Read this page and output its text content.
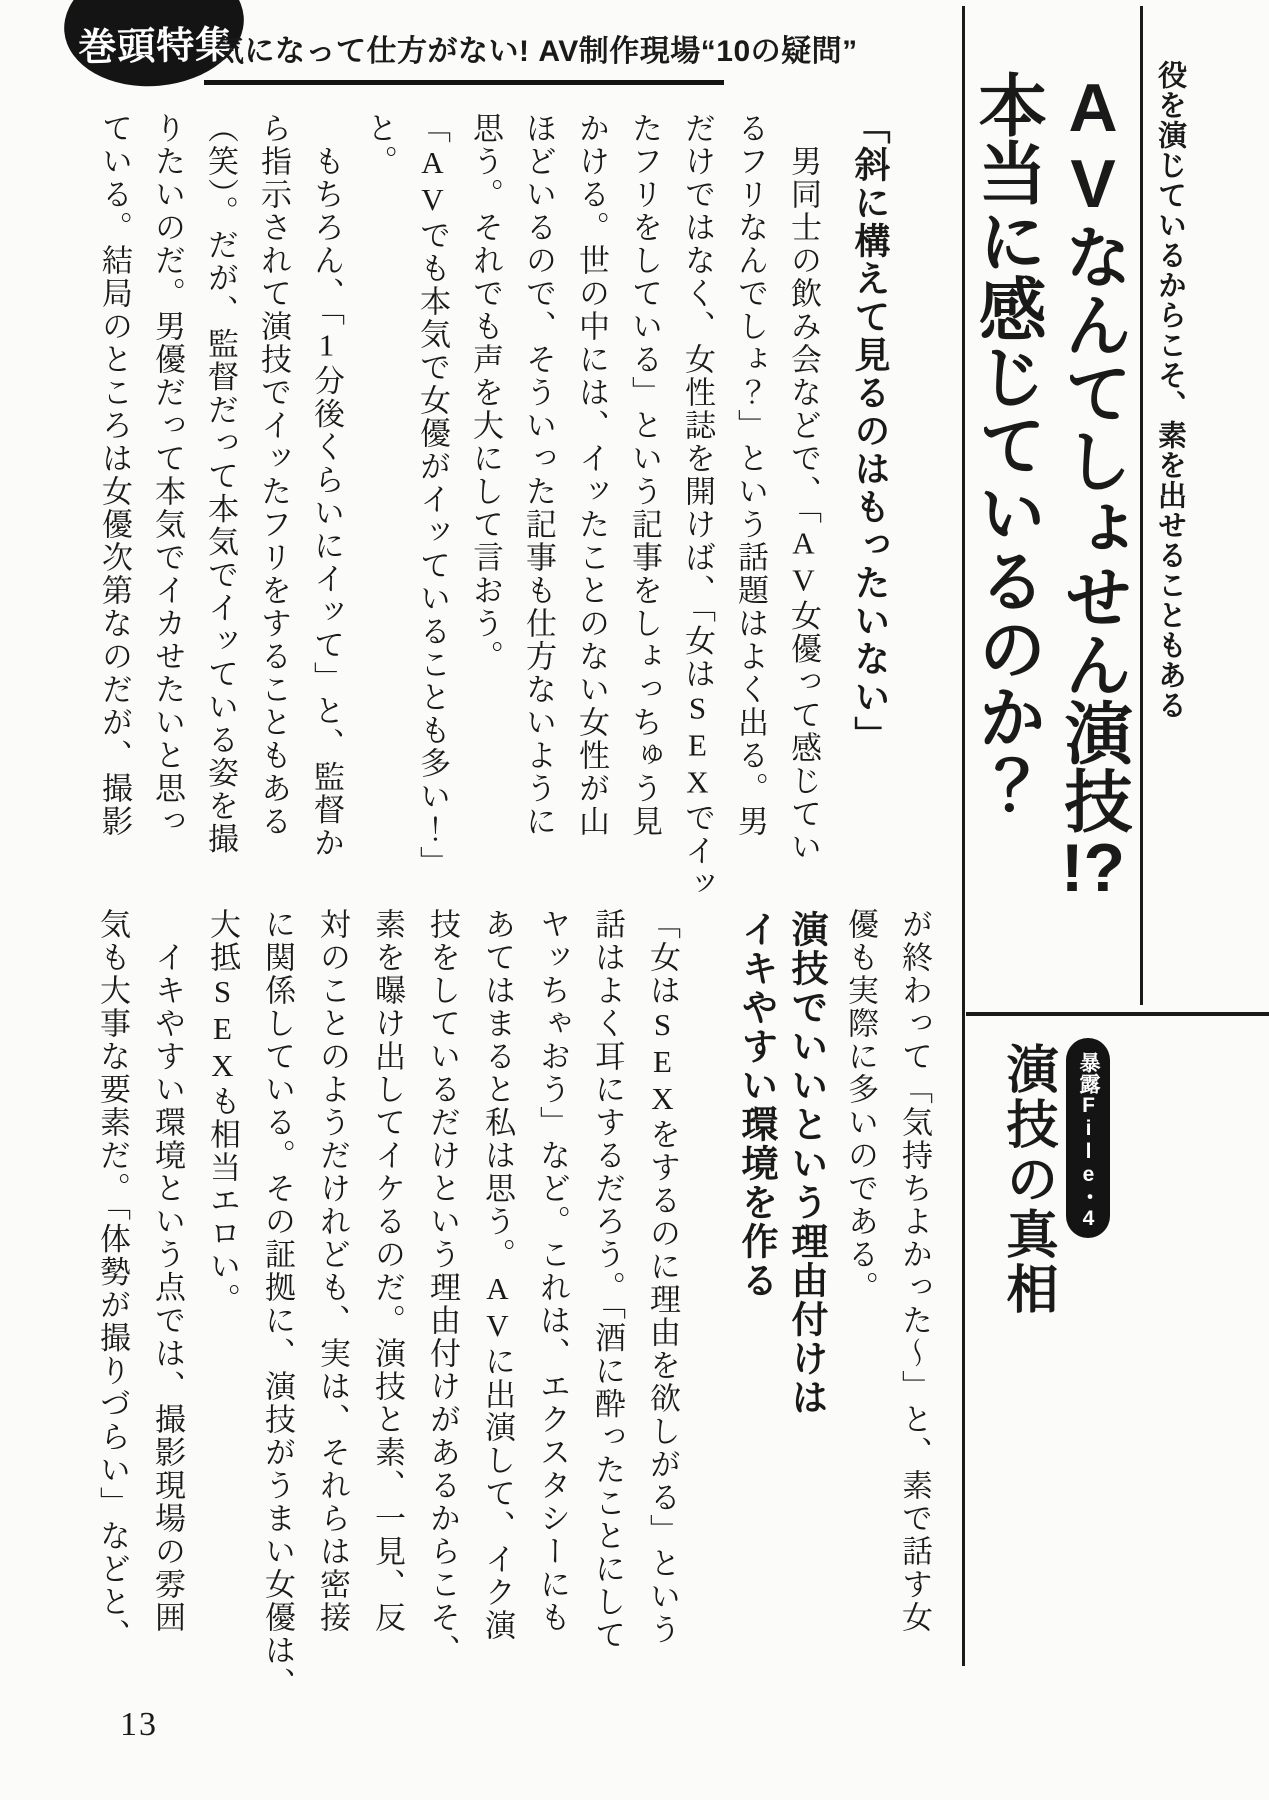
巻頭特集
気になって仕方がない! AV制作現場“10の疑問”
役を演じているからこそ、素を出せることもある

AVなんてしょせん演技!?

本当に感じているのか？

「斜に構えて見るのはもったいない」

　男同士の飲み会などで、「AV女優って感じてい

るフリなんでしょ？」という話題はよく出る。男

だけではなく、女性誌を開けば、「女はSEXでイッ

たフリをしている」という記事をしょっちゅう見

かける。世の中には、イッたことのない女性が山

ほどいるので、そういった記事も仕方ないように

思う。それでも声を大にして言おう。

「AVでも本気で女優がイッていることも多い！」

と。

　もちろん、「1分後くらいにイッて」と、監督か

ら指示されて演技でイッたフリをすることもある

（笑）。だが、監督だって本気でイッている姿を撮

りたいのだ。男優だって本気でイカせたいと思っ

ている。結局のところは女優次第なのだが、撮影

暴露File・4
演技の真相

が終わって「気持ちよかった〜」と、素で話す女

優も実際に多いのである。

演技でいいという理由付けは

イキやすい環境を作る

「女はSEXをするのに理由を欲しがる」という

話はよく耳にするだろう。「酒に酔ったことにして

ヤッちゃおう」など。これは、エクスタシーにも

あてはまると私は思う。AVに出演して、イク演

技をしているだけという理由付けがあるからこそ、

素を曝け出してイケるのだ。演技と素、一見、反

対のことのようだけれども、実は、それらは密接

に関係している。その証拠に、演技がうまい女優は、

大抵SEXも相当エロい。

　イキやすい環境という点では、撮影現場の雰囲

気も大事な要素だ。「体勢が撮りづらい」などと、

13
